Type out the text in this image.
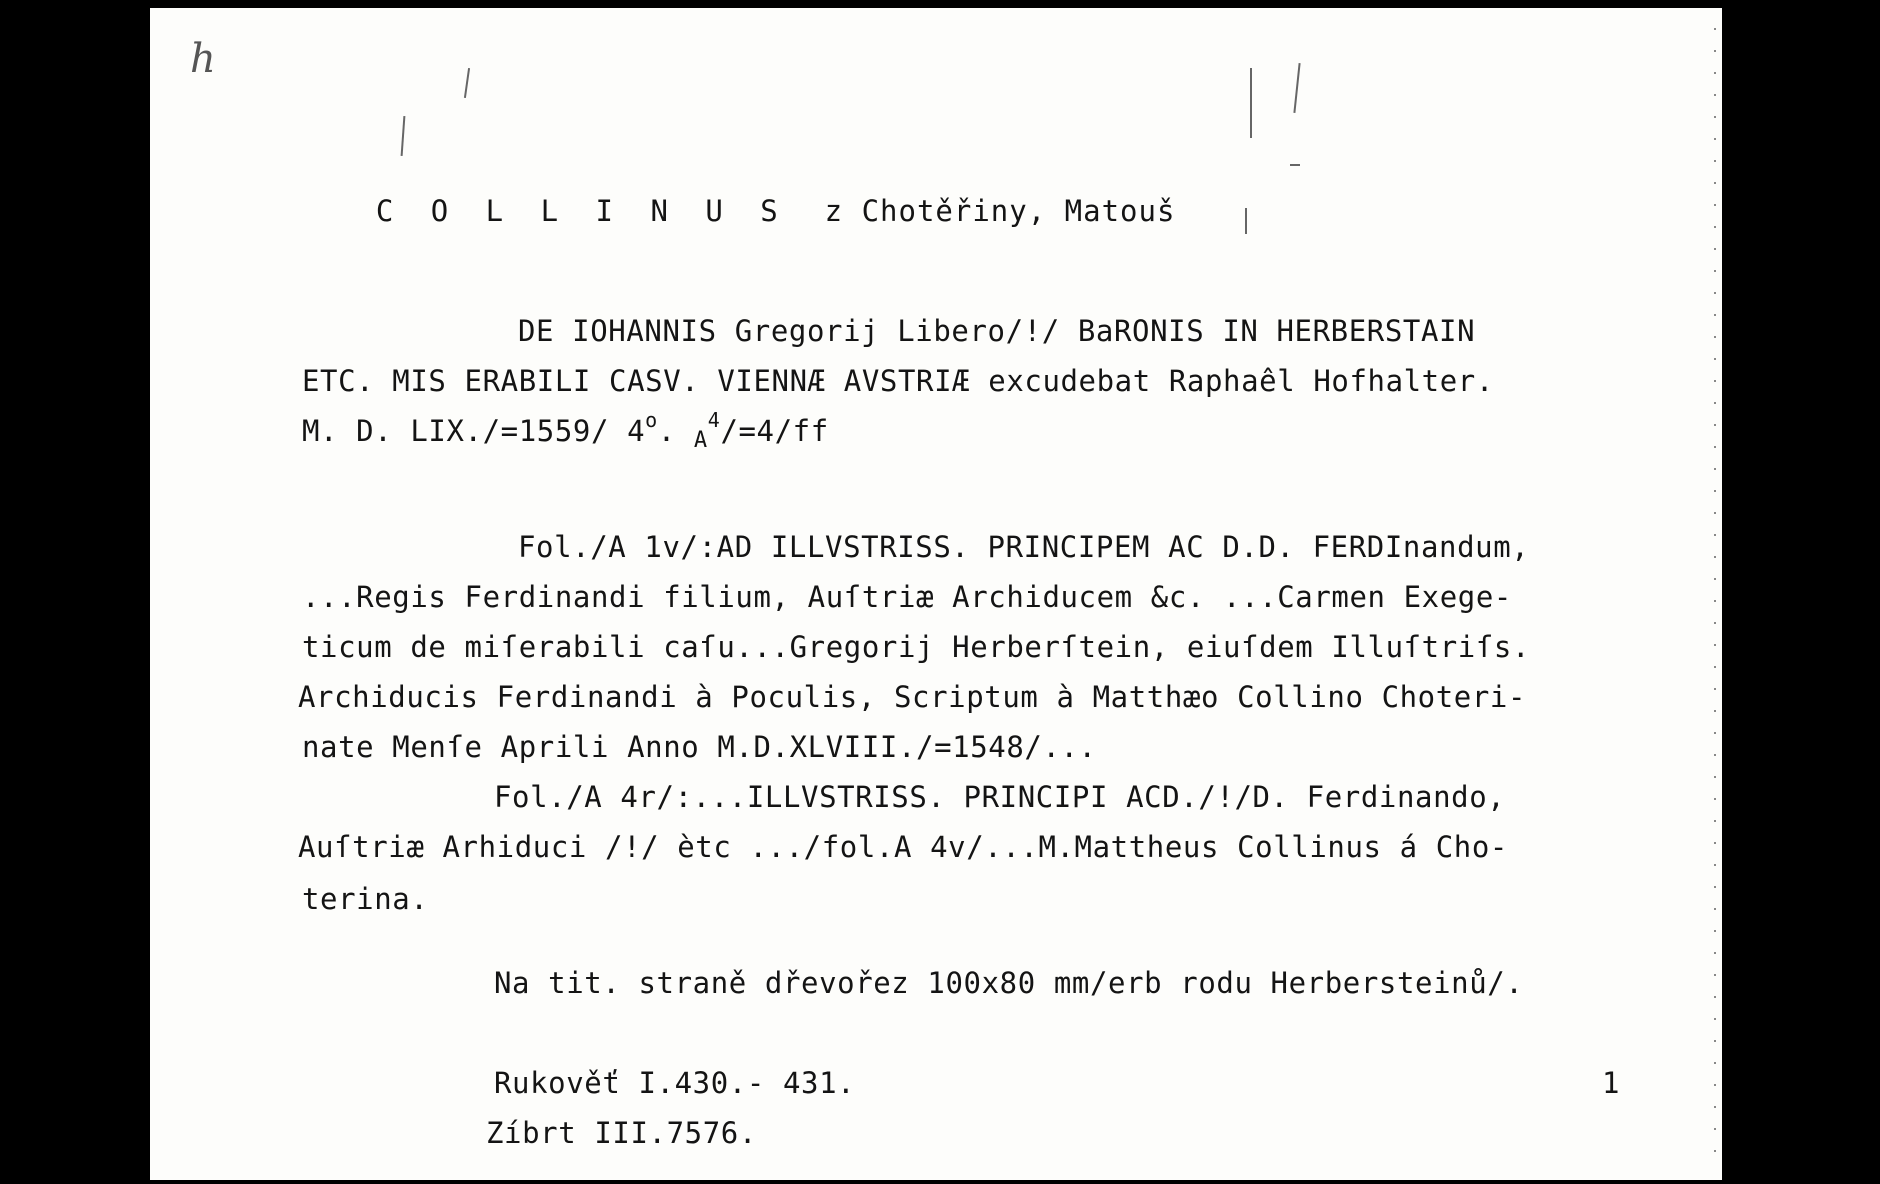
h

C O L L I N U S z Chotěřiny, Matouš

DE IOHANNIS Gregorij Libero/!/ BaRONIS IN HERBERSTAIN
ETC. MIS ERABILI CASV. VIENNÆ AVSTRIÆ excudebat Raphaêl Hofhalter.
M. D. LIX./=1559/ 4$^o$. $_A^4$/=4/ff
Fol./A 1v/:AD ILLVSTRISS. PRINCIPEM AC D.D. FERDInandum,
...Regis Ferdinandi filium, Auſtriæ Archiducem &c. ...Carmen Exege-
ticum de miſerabili caſu...Gregorij Herberſtein, eiuſdem Illuſtriſs.
Archiducis Ferdinandi à Poculis, Scriptum à Matthæo Collino Choteri-
nate Menſe Aprili Anno M.D.XLVIII./=1548/...
Fol./A 4r/:...ILLVSTRISS. PRINCIPI ACD./!/D. Ferdinando,
Auſtriæ Arhiduci /!/ ètc .../fol.A 4v/...M.Mattheus Collinus á Cho-
terina.
Na tit. straně dřevořez 100x80 mm/erb rodu Herbersteinů/.
Rukověť I.430.- 431.
Zíbrt III.7576.
1
